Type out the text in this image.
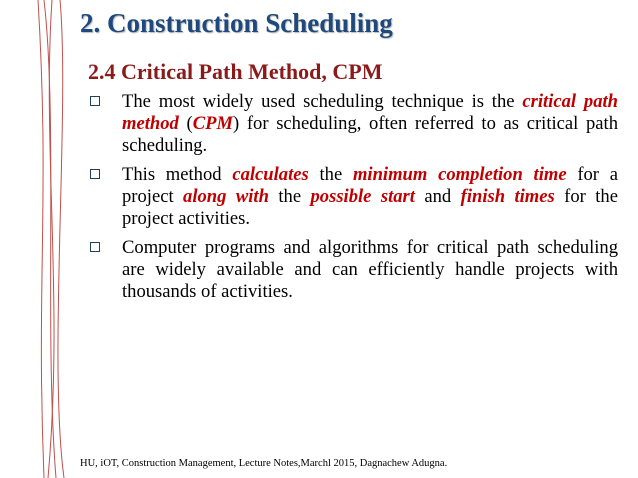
2. Construction Scheduling
2.4 Critical Path Method, CPM
The most widely used scheduling technique is the critical path method (CPM) for scheduling, often referred to as critical path scheduling.
This method calculates the minimum completion time for a project along with the possible start and finish times for the project activities.
Computer programs and algorithms for critical path scheduling are widely available and can efficiently handle projects with thousands of activities.

HU, iOT, Construction Management, Lecture Notes,Marchl 2015, Dagnachew Adugna.
